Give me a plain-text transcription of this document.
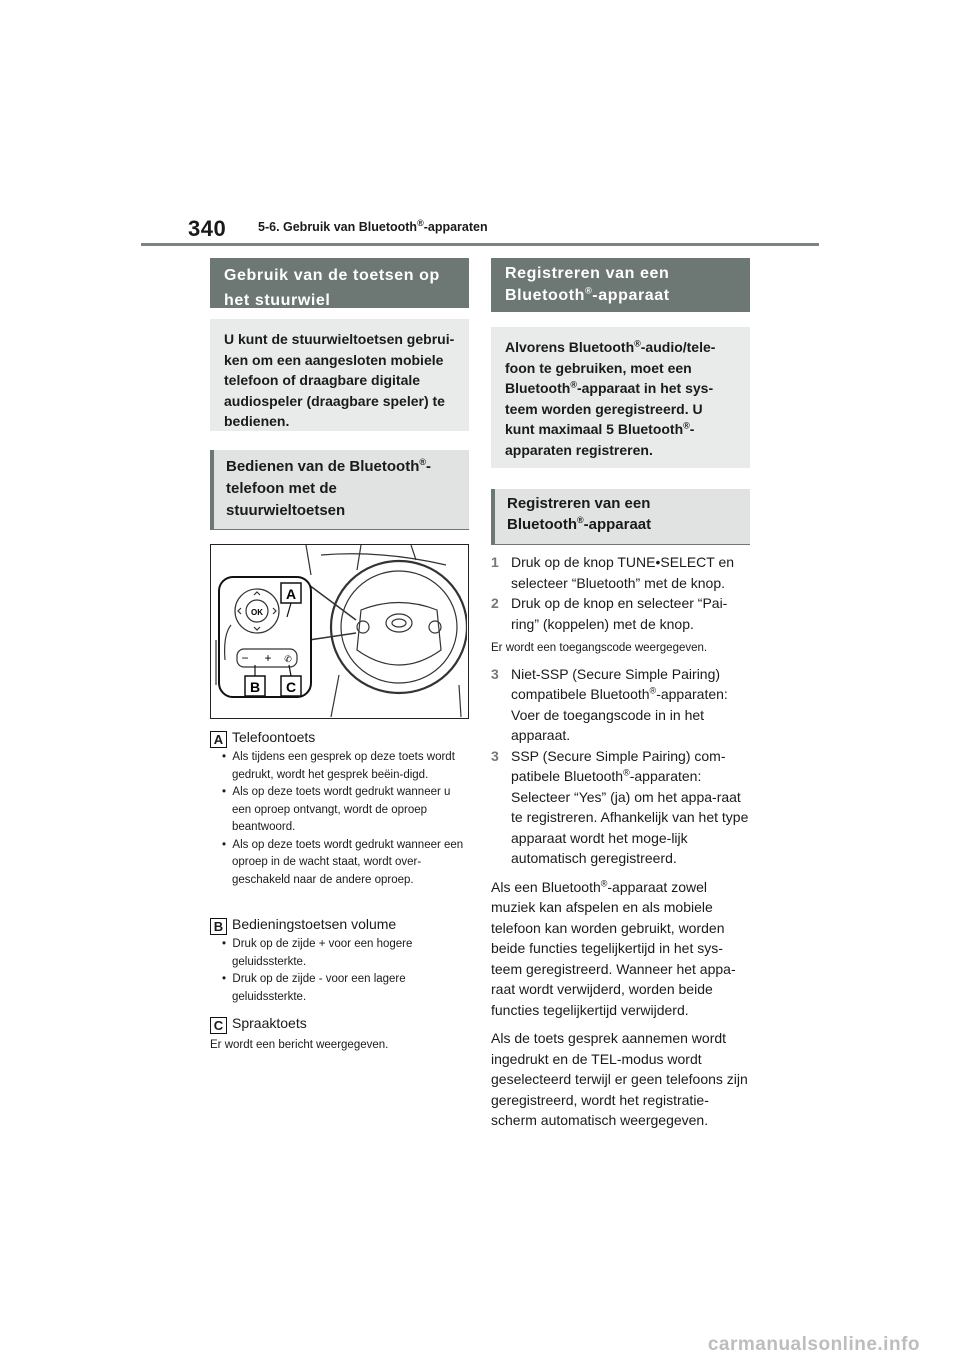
340	5-6. Gebruik van Bluetooth®-apparaten
Gebruik van de toetsen op het stuurwiel
U kunt de stuurwieltoetsen gebrui-ken om een aangesloten mobiele telefoon of draagbare digitale audiospeler (draagbare speler) te bedienen.
Bedienen van de Bluetooth®-telefoon met de stuurwieltoetsen
OK
− + ✆
A
B C
A Telefoontoets
•  Als tijdens een gesprek op deze toets wordt gedrukt, wordt het gesprek beëin-digd.
•  Als op deze toets wordt gedrukt wanneer u een oproep ontvangt, wordt de oproep beantwoord.
•  Als op deze toets wordt gedrukt wanneer een oproep in de wacht staat, wordt over-geschakeld naar de andere oproep.
B Bedieningstoetsen volume
•  Druk op de zijde + voor een hogere geluidssterkte.
•  Druk op de zijde - voor een lagere geluidssterkte.
C Spraaktoets
Er wordt een bericht weergegeven.
Registreren van een
Bluetooth®-apparaat
Alvorens Bluetooth®-audio/tele-foon te gebruiken, moet een Bluetooth®-apparaat in het sys-teem worden geregistreerd. U kunt maximaal 5 Bluetooth®-apparaten registreren.
Registreren van een
Bluetooth®-apparaat
1 Druk op de knop TUNE•SELECT en selecteer “Bluetooth” met de knop.
2 Druk op de knop en selecteer “Pai-ring” (koppelen) met de knop.
Er wordt een toegangscode weergegeven.
3 Niet-SSP (Secure Simple Pairing) compatibele Bluetooth®-apparaten: Voer de toegangscode in in het apparaat.
3 SSP (Secure Simple Pairing) com-patibele Bluetooth®-apparaten: Selecteer “Yes” (ja) om het appa-raat te registreren. Afhankelijk van het type apparaat wordt het moge-lijk automatisch geregistreerd.
Als een Bluetooth®-apparaat zowel muziek kan afspelen en als mobiele telefoon kan worden gebruikt, worden beide functies tegelijkertijd in het sys-teem geregistreerd. Wanneer het appa-raat wordt verwijderd, worden beide functies tegelijkertijd verwijderd.
Als de toets gesprek aannemen wordt ingedrukt en de TEL-modus wordt geselecteerd terwijl er geen telefoons zijn geregistreerd, wordt het registratie-scherm automatisch weergegeven.
carmanualsonline.info
